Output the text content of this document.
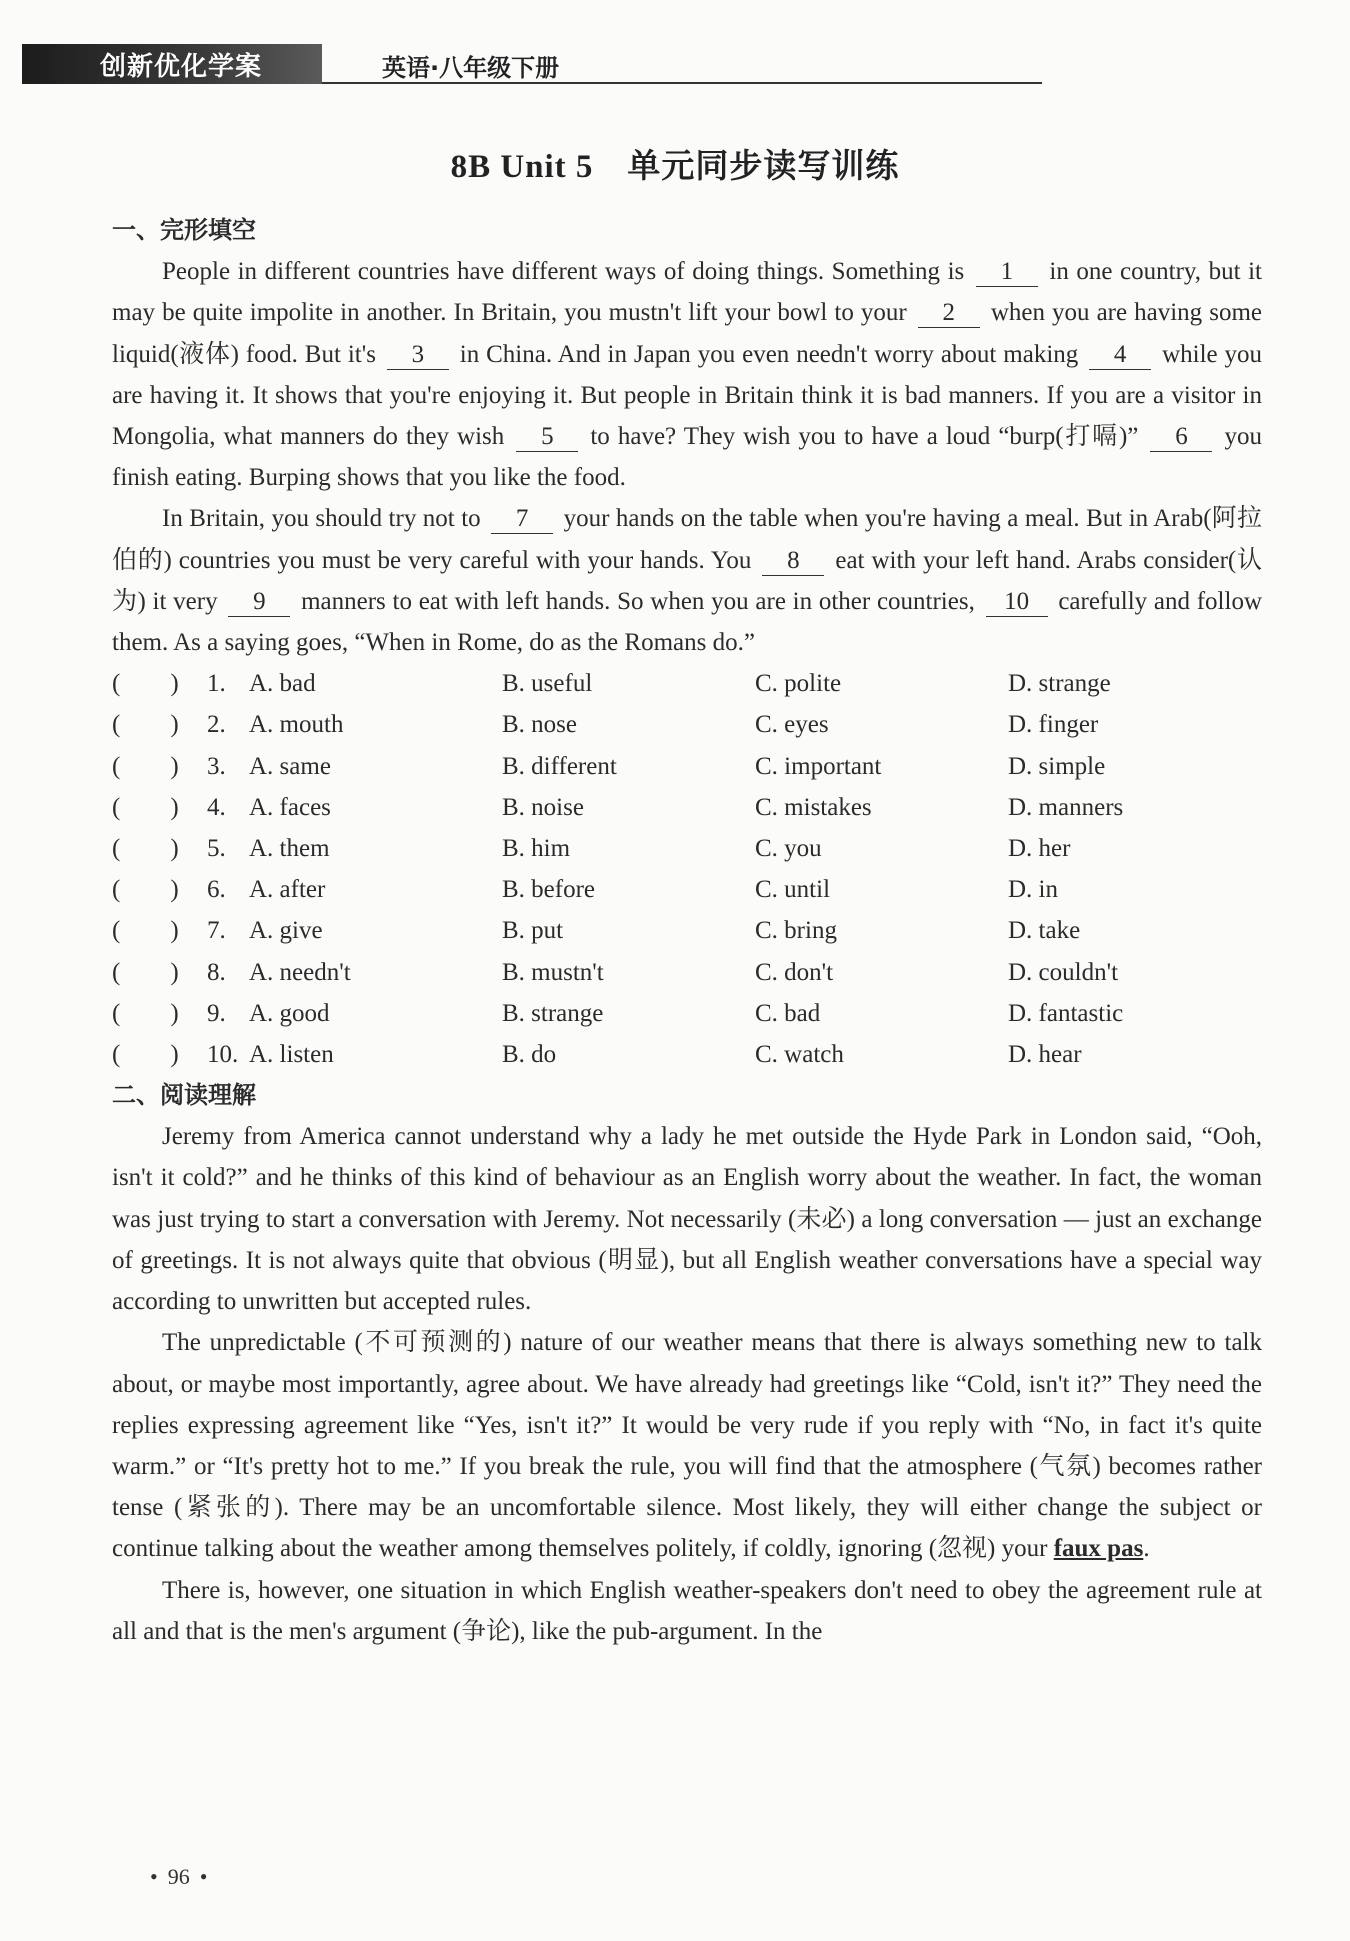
创新优化学案	英语·八年级下册
8B Unit 5　单元同步读写训练
一、完形填空

People in different countries have different ways of doing things. Something is 1 in one country, but it may be quite impolite in another. In Britain, you mustn't lift your bowl to your 2 when you are having some liquid(液体) food. But it's 3 in China. And in Japan you even needn't worry about making 4 while you are having it. It shows that you're enjoying it. But people in Britain think it is bad manners. If you are a visitor in Mongolia, what manners do they wish 5 to have? They wish you to have a loud “burp(打嗝)” 6 you finish eating. Burping shows that you like the food.

In Britain, you should try not to 7 your hands on the table when you're having a meal. But in Arab(阿拉伯的) countries you must be very careful with your hands. You 8 eat with your left hand. Arabs consider(认为) it very 9 manners to eat with left hands. So when you are in other countries, 10 carefully and follow them. As a saying goes, “When in Rome, do as the Romans do.”

(　　)	1. A. bad	B. useful	C. polite	D. strange
(　　)	2. A. mouth	B. nose	C. eyes	D. finger
(　　)	3. A. same	B. different	C. important	D. simple
(　　)	4. A. faces	B. noise	C. mistakes	D. manners
(　　)	5. A. them	B. him	C. you	D. her
(　　)	6. A. after	B. before	C. until	D. in
(　　)	7. A. give	B. put	C. bring	D. take
(　　)	8. A. needn't	B. mustn't	C. don't	D. couldn't
(　　)	9. A. good	B. strange	C. bad	D. fantastic
(　　)	10. A. listen	B. do	C. watch	D. hear
二、阅读理解

Jeremy from America cannot understand why a lady he met outside the Hyde Park in London said, “Ooh, isn't it cold?” and he thinks of this kind of behaviour as an English worry about the weather. In fact, the woman was just trying to start a conversation with Jeremy. Not necessarily (未必) a long conversation — just an exchange of greetings. It is not always quite that obvious (明显), but all English weather conversations have a special way according to unwritten but accepted rules.

The unpredictable (不可预测的) nature of our weather means that there is always something new to talk about, or maybe most importantly, agree about. We have already had greetings like “Cold, isn't it?” They need the replies expressing agreement like “Yes, isn't it?” It would be very rude if you reply with “No, in fact it's quite warm.” or “It's pretty hot to me.” If you break the rule, you will find that the atmosphere (气氛) becomes rather tense (紧张的). There may be an uncomfortable silence. Most likely, they will either change the subject or continue talking about the weather among themselves politely, if coldly, ignoring (忽视) your faux pas.

There is, however, one situation in which English weather-speakers don't need to obey the agreement rule at all and that is the men's argument (争论), like the pub-argument. In the

• 96 •
